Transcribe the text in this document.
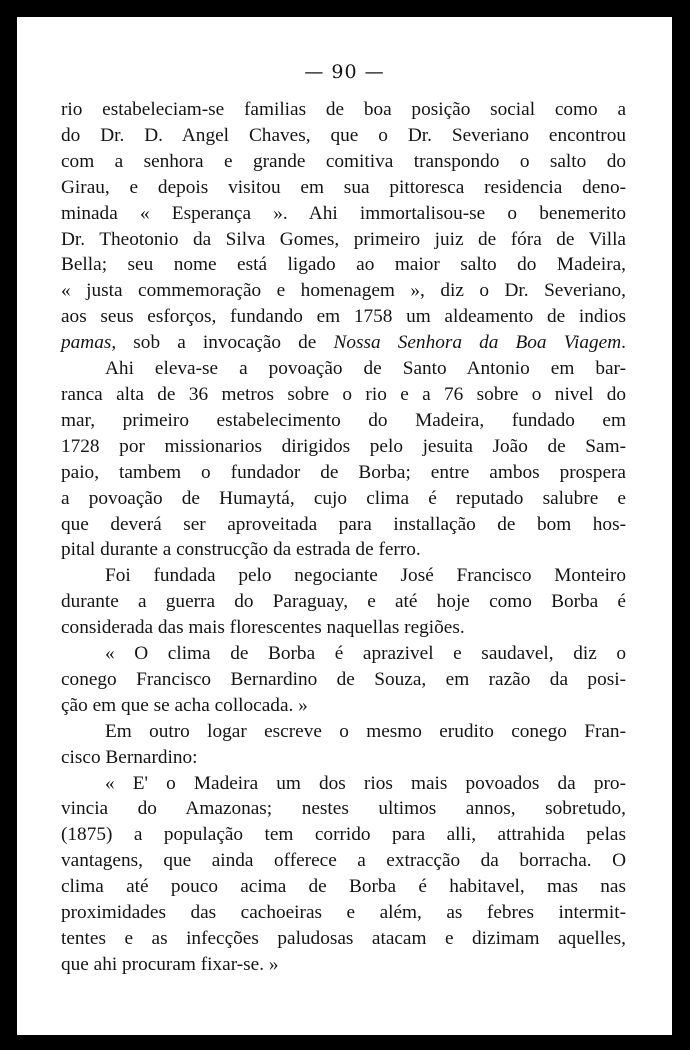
— 90 —
rio estabeleciam-se familias de boa posição social como a
do Dr. D. Angel Chaves, que o Dr. Severiano encontrou
com a senhora e grande comitiva transpondo o salto do
Girau, e depois visitou em sua pittoresca residencia deno-
minada « Esperança ». Ahi immortalisou-se o benemerito
Dr. Theotonio da Silva Gomes, primeiro juiz de fóra de Villa
Bella; seu nome está ligado ao maior salto do Madeira,
« justa commemoração e homenagem », diz o Dr. Severiano,
aos seus esforços, fundando em 1758 um aldeamento de indios
pamas, sob a invocação de Nossa Senhora da Boa Viagem.
Ahi eleva-se a povoação de Santo Antonio em bar-
ranca alta de 36 metros sobre o rio e a 76 sobre o nivel do
mar, primeiro estabelecimento do Madeira, fundado em
1728 por missionarios dirigidos pelo jesuita João de Sam-
paio, tambem o fundador de Borba; entre ambos prospera
a povoação de Humaytá, cujo clima é reputado salubre e
que deverá ser aproveitada para installação de bom hos-
pital durante a construcção da estrada de ferro.
Foi fundada pelo negociante José Francisco Monteiro
durante a guerra do Paraguay, e até hoje como Borba é
considerada das mais florescentes naquellas regiões.
« O clima de Borba é aprazivel e saudavel, diz o
conego Francisco Bernardino de Souza, em razão da posi-
ção em que se acha collocada. »
Em outro logar escreve o mesmo erudito conego Fran-
cisco Bernardino:
« E' o Madeira um dos rios mais povoados da pro-
vincia do Amazonas; nestes ultimos annos, sobretudo,
(1875) a população tem corrido para alli, attrahida pelas
vantagens, que ainda offerece a extracção da borracha. O
clima até pouco acima de Borba é habitavel, mas nas
proximidades das cachoeiras e além, as febres intermit-
tentes e as infecções paludosas atacam e dizimam aquelles,
que ahi procuram fixar-se. »
